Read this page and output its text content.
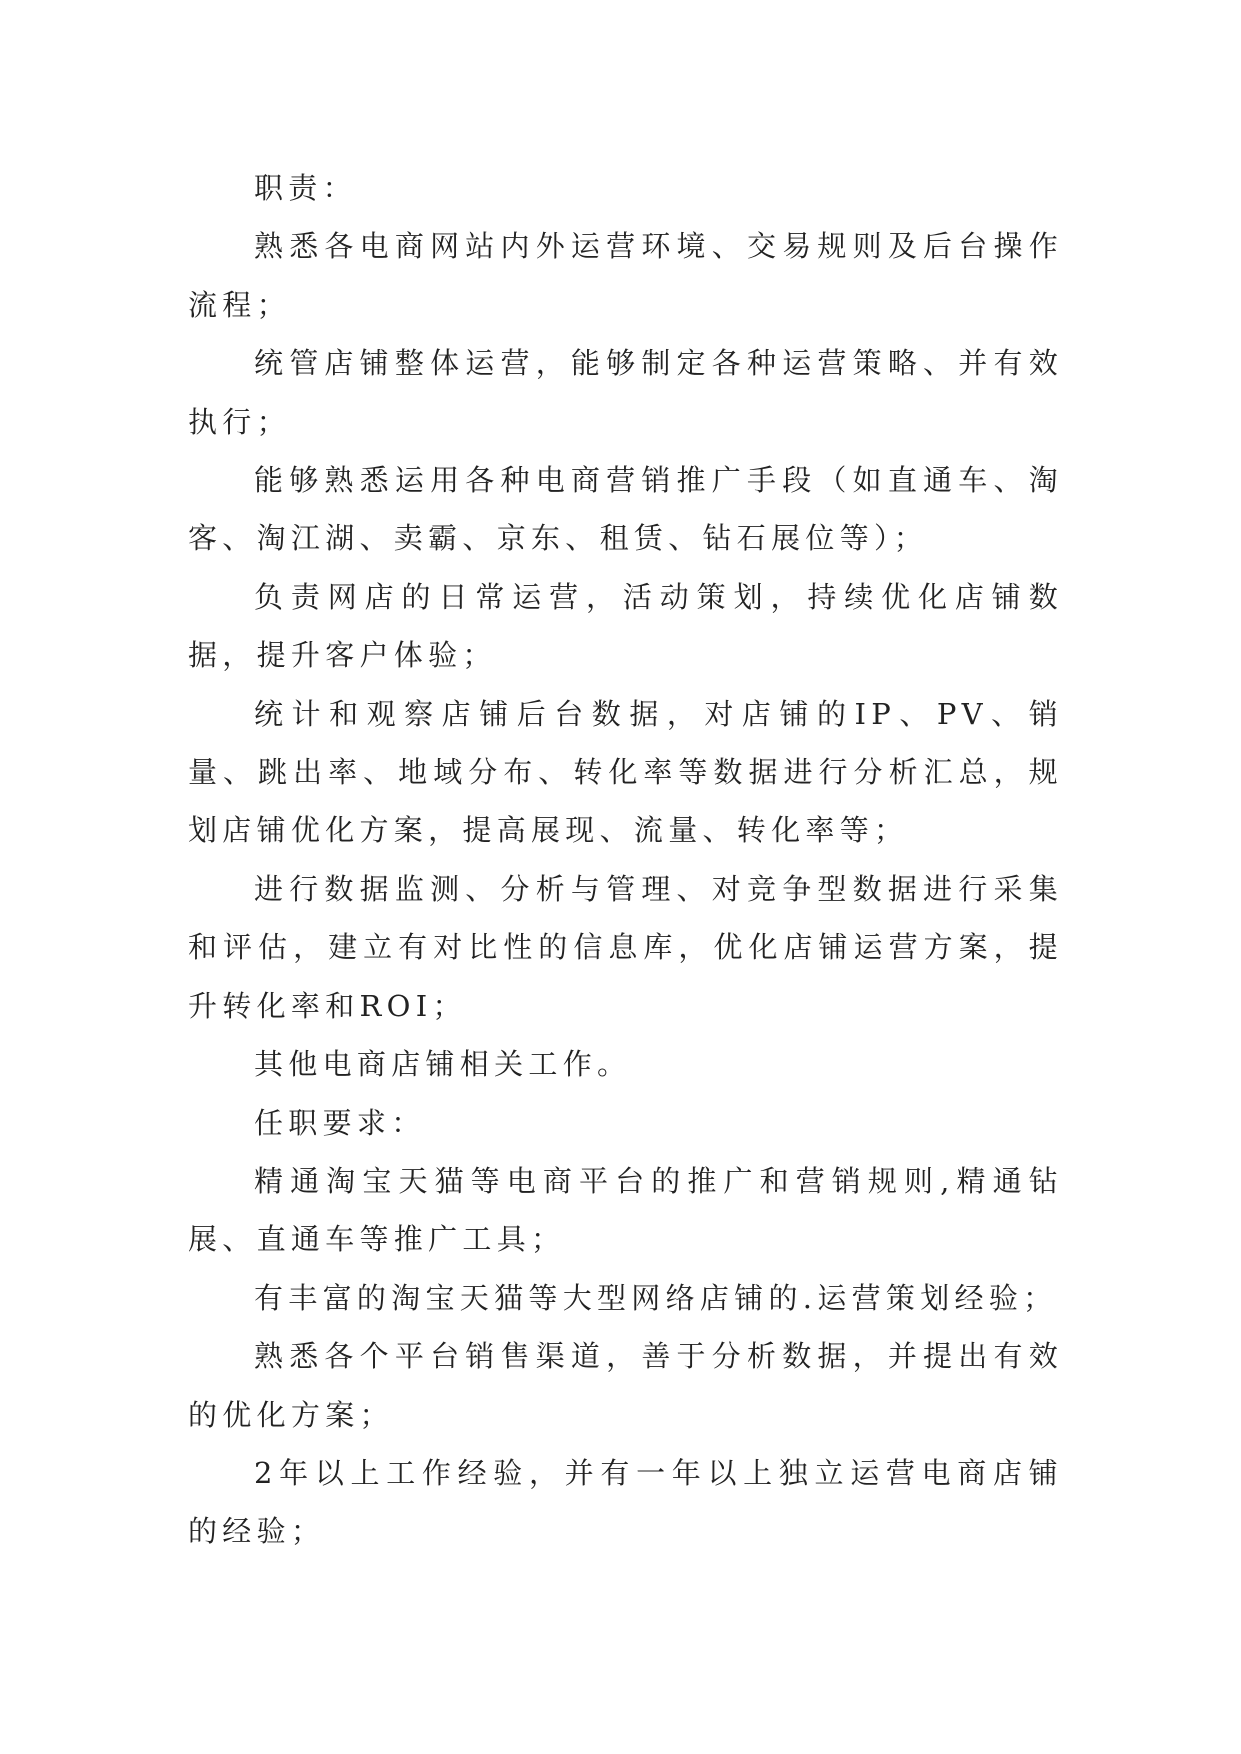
职责：

熟悉各电商网站内外运营环境、交易规则及后台操作流程；

统管店铺整体运营，能够制定各种运营策略、并有效执行；

能够熟悉运用各种电商营销推广手段（如直通车、淘客、淘江湖、卖霸、京东、租赁、钻石展位等）；

负责网店的日常运营，活动策划，持续优化店铺数据，提升客户体验；

统计和观察店铺后台数据，对店铺的IP、PV、销量、跳出率、地域分布、转化率等数据进行分析汇总，规划店铺优化方案，提高展现、流量、转化率等；

进行数据监测、分析与管理、对竞争型数据进行采集和评估，建立有对比性的信息库，优化店铺运营方案，提升转化率和ROI；

其他电商店铺相关工作。

任职要求：

精通淘宝天猫等电商平台的推广和营销规则,精通钻展、直通车等推广工具；

有丰富的淘宝天猫等大型网络店铺的.运营策划经验；

熟悉各个平台销售渠道，善于分析数据，并提出有效的优化方案；

2年以上工作经验，并有一年以上独立运营电商店铺的经验；
